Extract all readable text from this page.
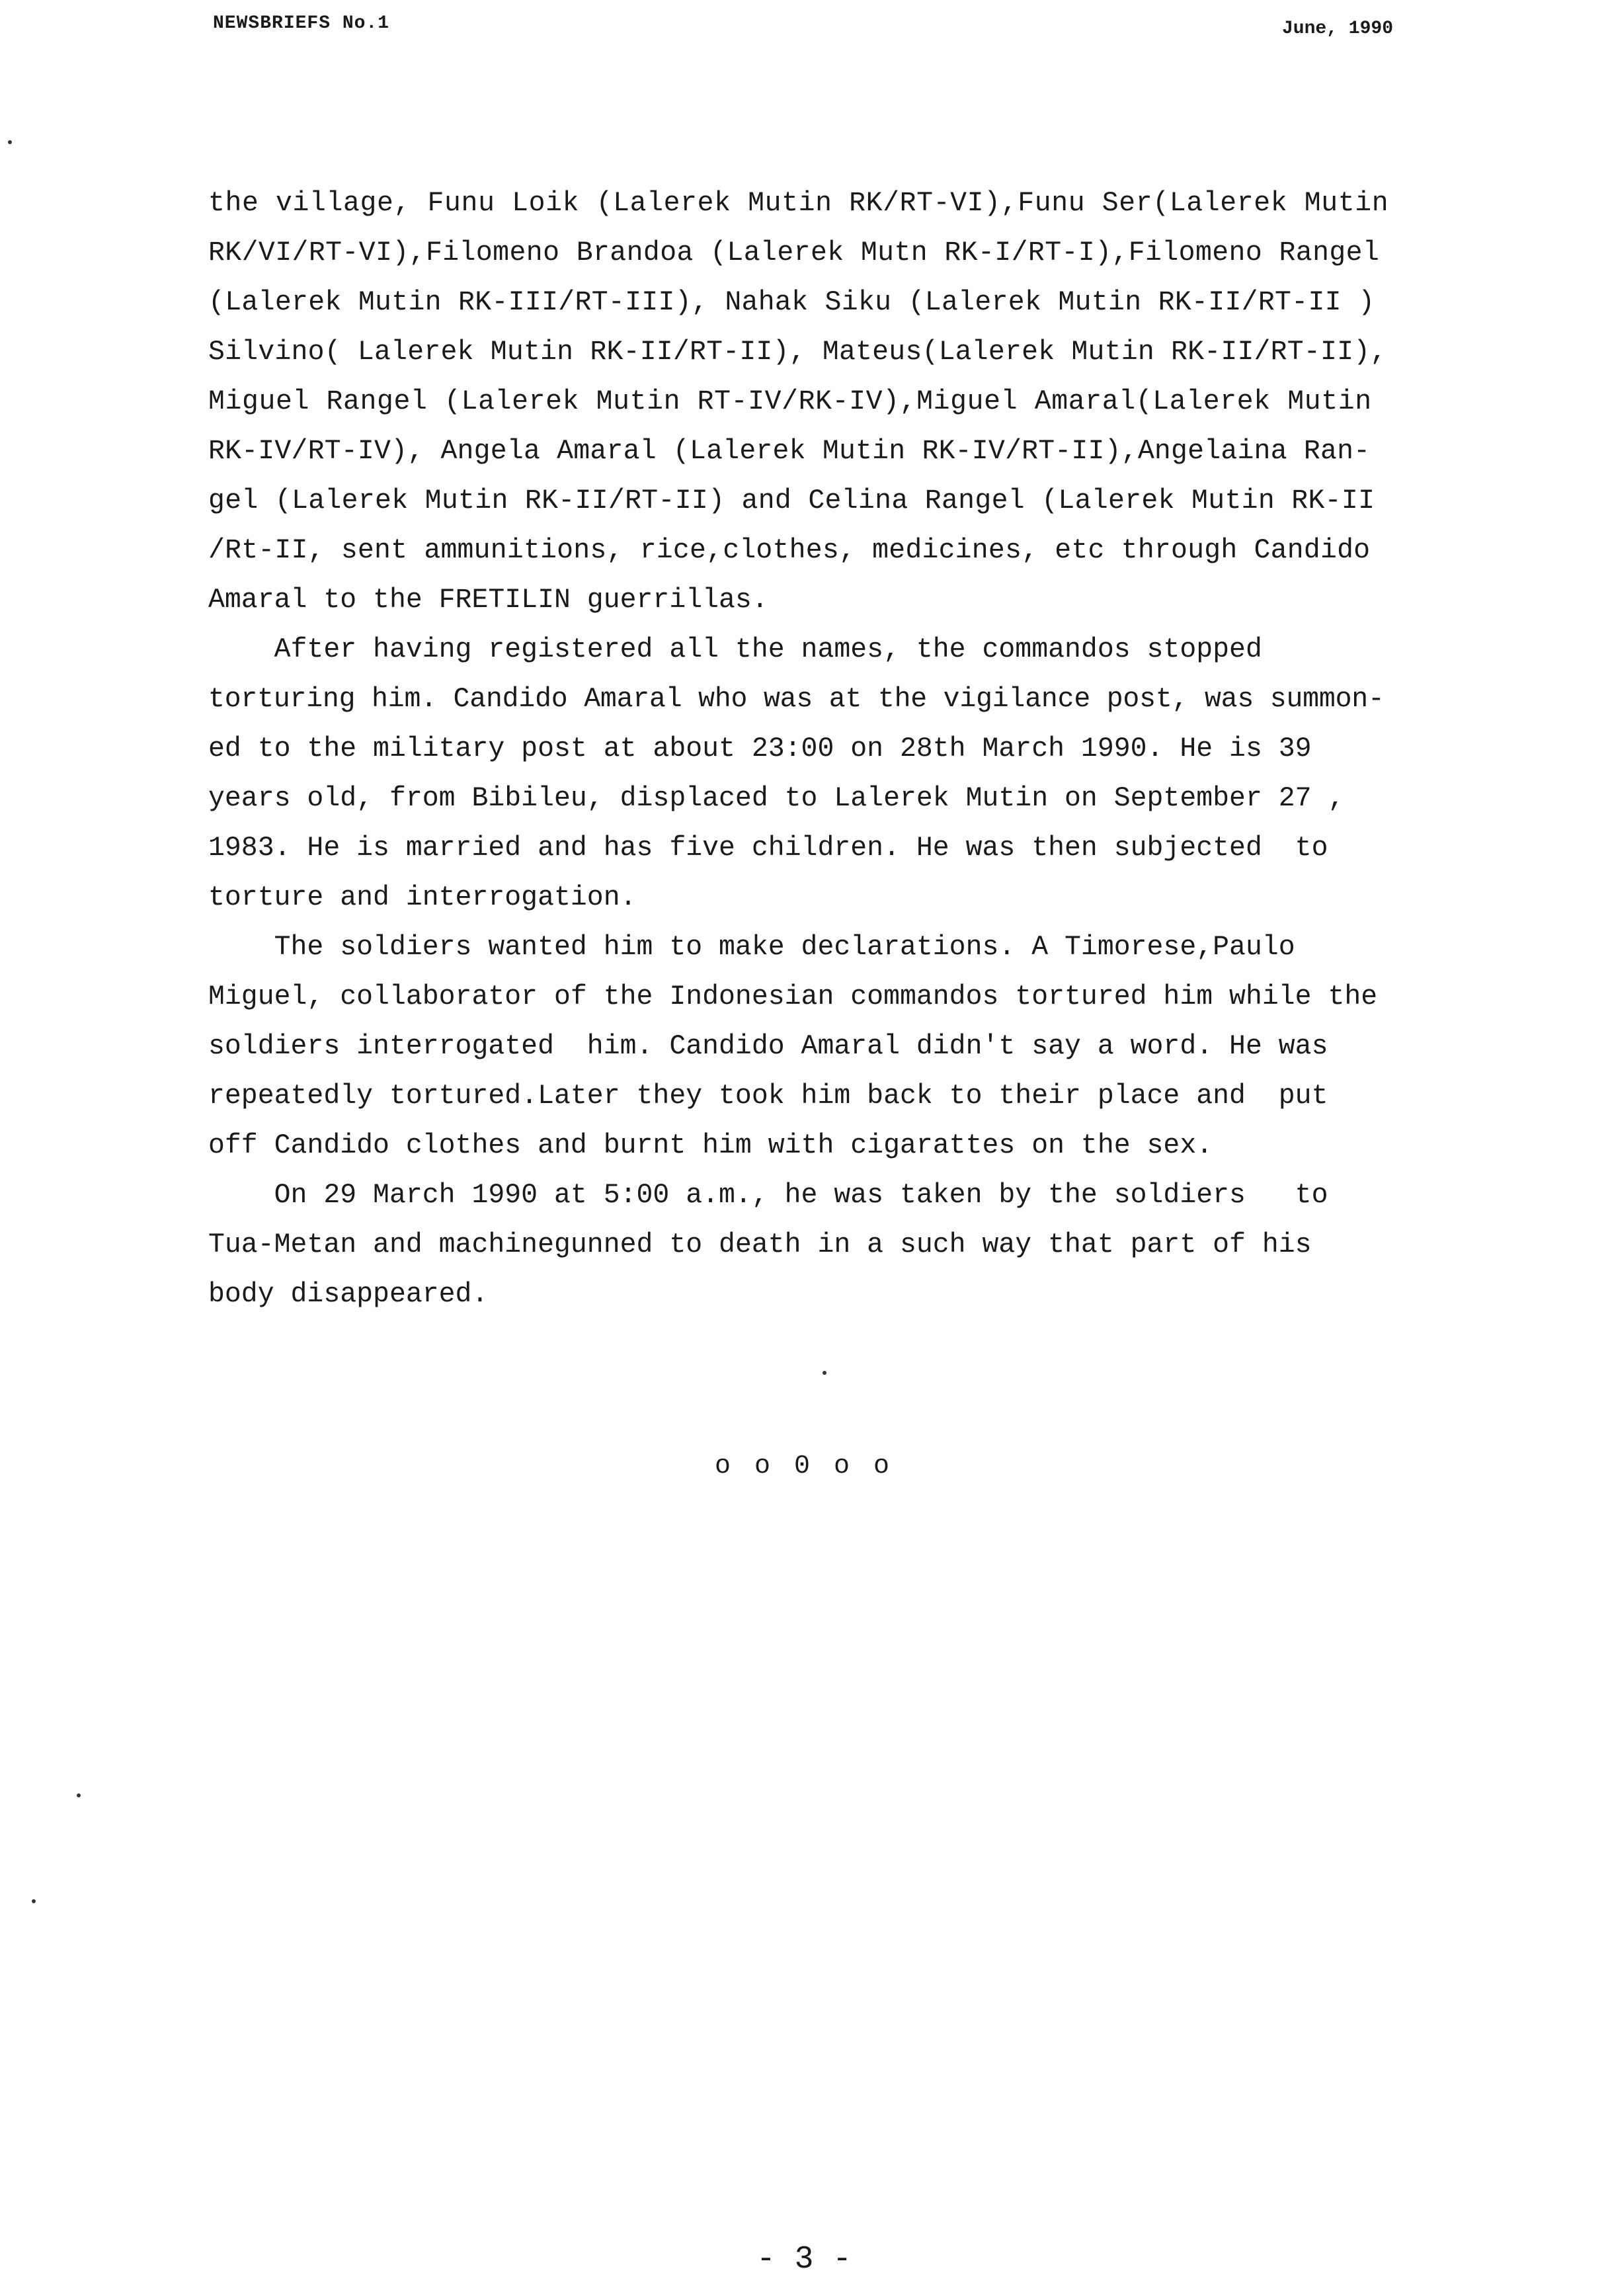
NEWSBRIEFS No.1	June, 1990
the village, Funu Loik (Lalerek Mutin RK/RT-VI),Funu Ser(Lalerek Mutin
RK/VI/RT-VI),Filomeno Brandoa (Lalerek Mutn RK-I/RT-I),Filomeno Rangel
(Lalerek Mutin RK-III/RT-III), Nahak Siku (Lalerek Mutin RK-II/RT-II )
Silvino( Lalerek Mutin RK-II/RT-II), Mateus(Lalerek Mutin RK-II/RT-II),
Miguel Rangel (Lalerek Mutin RT-IV/RK-IV),Miguel Amaral(Lalerek Mutin
RK-IV/RT-IV), Angela Amaral (Lalerek Mutin RK-IV/RT-II),Angelaina Ran-
gel (Lalerek Mutin RK-II/RT-II) and Celina Rangel (Lalerek Mutin RK-II
/Rt-II, sent ammunitions, rice,clothes, medicines, etc through Candido
Amaral to the FRETILIN guerrillas.
After having registered all the names, the commandos stopped
torturing him. Candido Amaral who was at the vigilance post, was summon-
ed to the military post at about 23:00 on 28th March 1990. He is 39
years old, from Bibileu, displaced to Lalerek Mutin on September 27 ,
1983. He is married and has five children. He was then subjected  to
torture and interrogation.
The soldiers wanted him to make declarations. A Timorese,Paulo
Miguel, collaborator of the Indonesian commandos tortured him while the
soldiers interrogated  him. Candido Amaral didn't say a word. He was
repeatedly tortured.Later they took him back to their place and  put
off Candido clothes and burnt him with cigarattes on the sex.
On 29 March 1990 at 5:00 a.m., he was taken by the soldiers   to
Tua-Metan and machinegunned to death in a such way that part of his
body disappeared.
o o 0 o o
- 3 -
